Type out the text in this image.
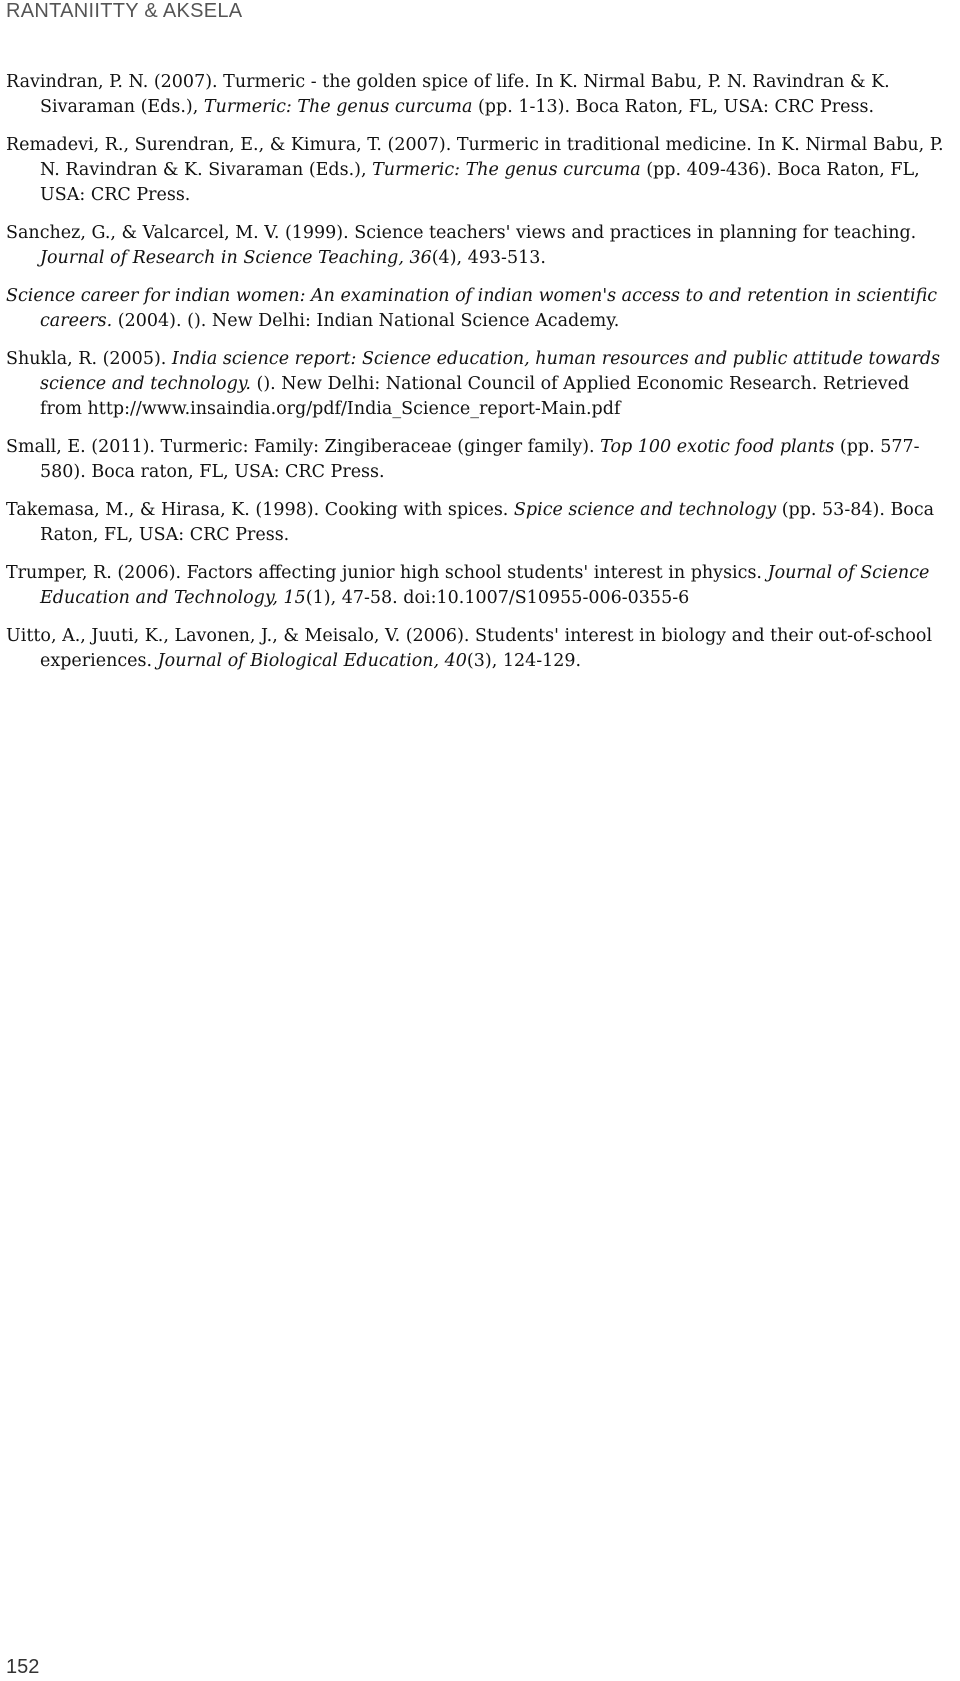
RANTANIITTY & AKSELA

Ravindran, P. N. (2007). Turmeric - the golden spice of life. In K. Nirmal Babu, P. N. Ravindran & K. Sivaraman (Eds.), Turmeric: The genus curcuma (pp. 1-13). Boca Raton, FL, USA: CRC Press.

Remadevi, R., Surendran, E., & Kimura, T. (2007). Turmeric in traditional medicine. In K. Nirmal Babu, P. N. Ravindran & K. Sivaraman (Eds.), Turmeric: The genus curcuma (pp. 409-436). Boca Raton, FL, USA: CRC Press.

Sanchez, G., & Valcarcel, M. V. (1999). Science teachers' views and practices in planning for teaching. Journal of Research in Science Teaching, 36(4), 493-513.

Science career for indian women: An examination of indian women's access to and retention in scientific careers. (2004). (). New Delhi: Indian National Science Academy.

Shukla, R. (2005). India science report: Science education, human resources and public attitude towards science and technology. (). New Delhi: National Council of Applied Economic Research. Retrieved from http://www.insaindia.org/pdf/India_Science_report-Main.pdf

Small, E. (2011). Turmeric: Family: Zingiberaceae (ginger family). Top 100 exotic food plants (pp. 577-580). Boca raton, FL, USA: CRC Press.

Takemasa, M., & Hirasa, K. (1998). Cooking with spices. Spice science and technology (pp. 53-84). Boca Raton, FL, USA: CRC Press.

Trumper, R. (2006). Factors affecting junior high school students' interest in physics. Journal of Science Education and Technology, 15(1), 47-58. doi:10.1007/S10955-006-0355-6

Uitto, A., Juuti, K., Lavonen, J., & Meisalo, V. (2006). Students' interest in biology and their out-of-school experiences. Journal of Biological Education, 40(3), 124-129.

152
